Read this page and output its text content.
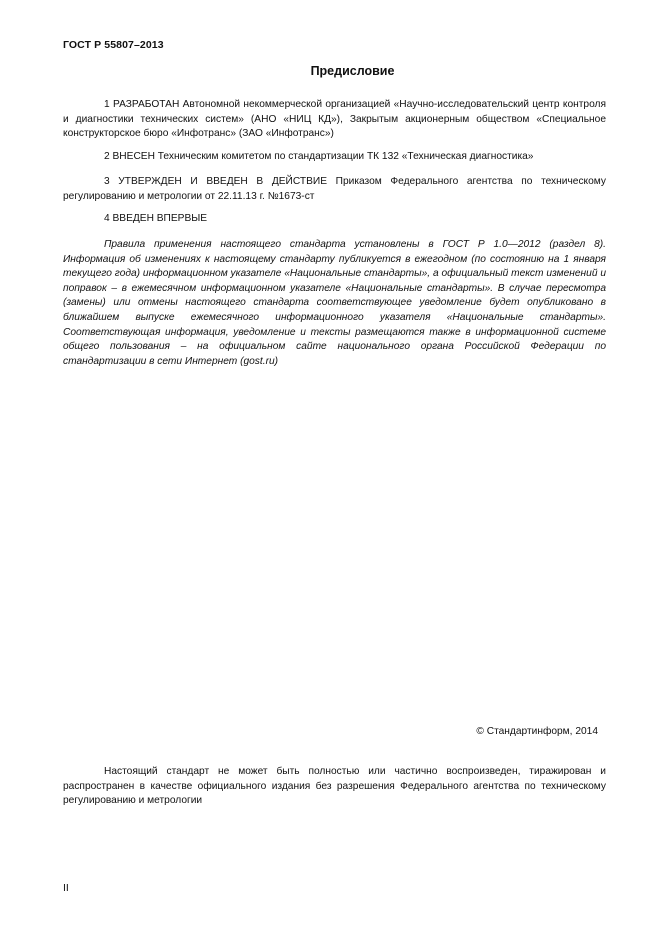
ГОСТ Р 55807–2013
Предисловие

1 РАЗРАБОТАН Автономной некоммерческой организацией «Научно-исследовательский центр контроля и диагностики технических систем» (АНО «НИЦ КД»), Закрытым акционерным обществом «Специальное конструкторское бюро «Инфотранс» (ЗАО «Инфотранс»)

2 ВНЕСЕН Техническим комитетом по стандартизации ТК 132 «Техническая диагностика»

3 УТВЕРЖДЕН И ВВЕДЕН В ДЕЙСТВИЕ Приказом Федерального агентства по техническому регулированию и метрологии от 22.11.13 г. №1673-ст

4 ВВЕДЕН ВПЕРВЫЕ

Правила применения настоящего стандарта установлены в ГОСТ Р 1.0—2012 (раздел 8). Информация об изменениях к настоящему стандарту публикуется в ежегодном (по состоянию на 1 января текущего года) информационном указателе «Национальные стандарты», а официальный текст изменений и поправок – в ежемесячном информационном указателе «Национальные стандарты». В случае пересмотра (замены) или отмены настоящего стандарта соответствующее уведомление будет опубликовано в ближайшем выпуске ежемесячного информационного указателя «Национальные стандарты». Соответствующая информация, уведомление и тексты размещаются также в информационной системе общего пользования – на официальном сайте национального органа Российской Федерации по стандартизации в сети Интернет (gost.ru)

© Стандартинформ, 2014

Настоящий стандарт не может быть полностью или частично воспроизведен, тиражирован и распространен в качестве официального издания без разрешения Федерального агентства по техническому регулированию и метрологии

II
